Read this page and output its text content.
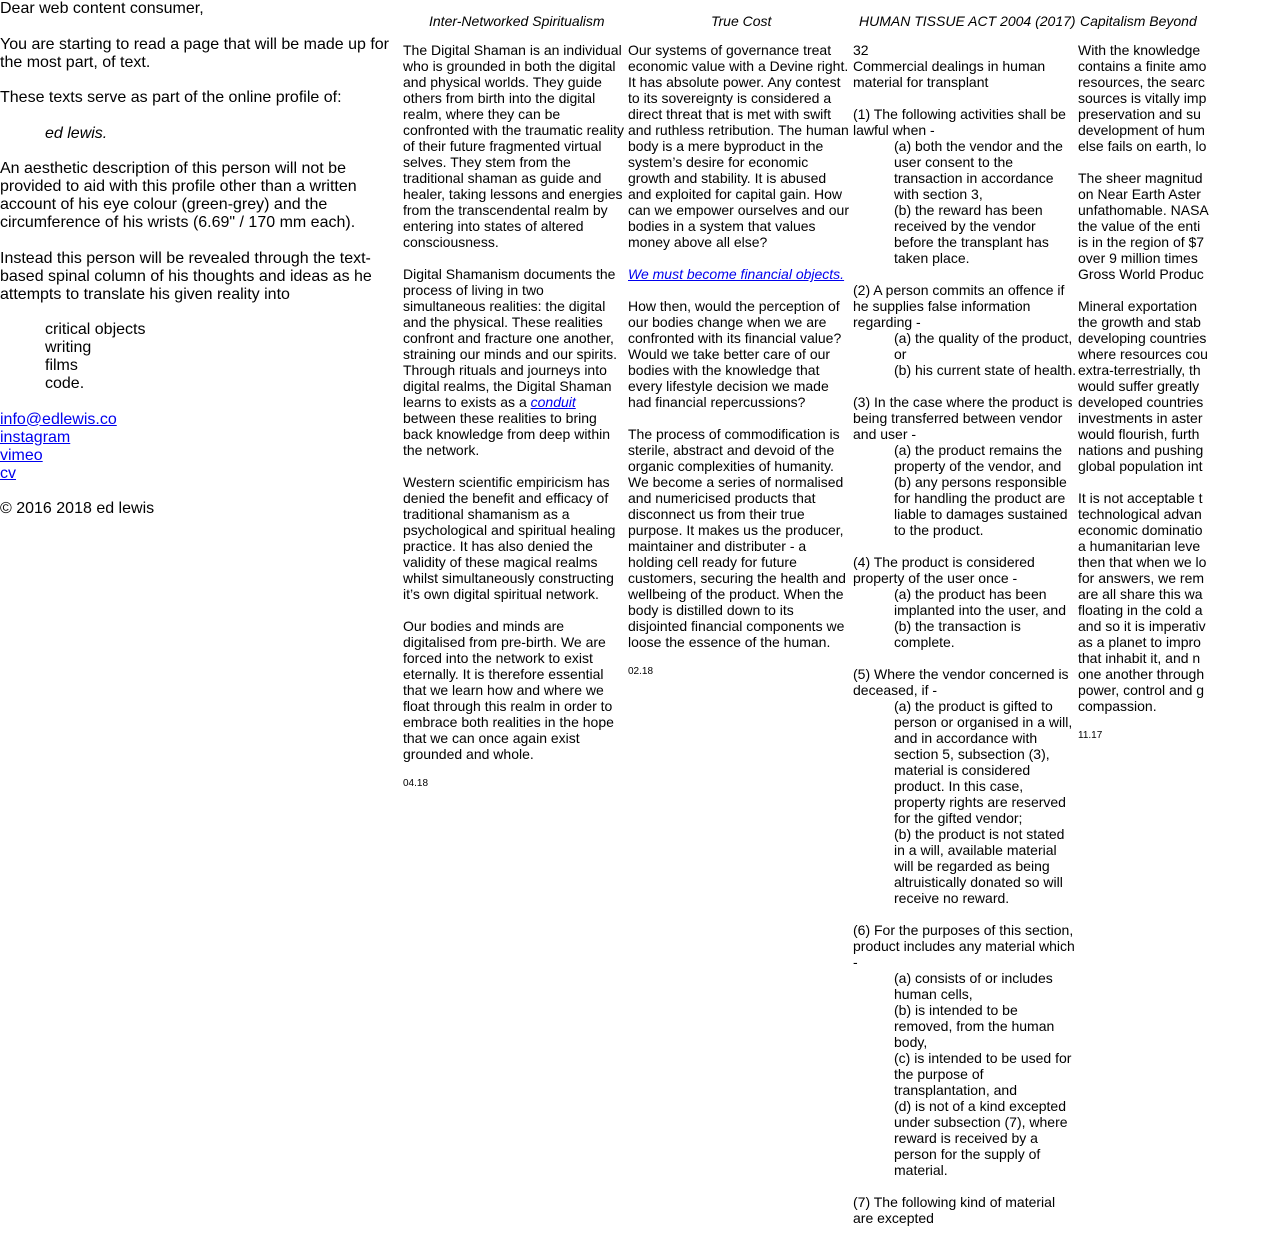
Dear web content consumer,

You are starting to read a page that will be made up for the most part, of text.

These texts serve as part of the online profile of:

ed lewis.

An aesthetic description of this person will not be provided to aid with this profile other than a written account of his eye colour (green-grey) and the circumference of his wrists (6.69" / 170 mm each).

Instead this person will be revealed through the text-based spinal column of his thoughts and ideas as he attempts to translate his given reality into

critical objects
writing
films
code.

info@edlewis.co
instagram
vimeo
cv

© 2016 2018 ed lewis

Inter-Networked Spiritualism

The Digital Shaman is an individual who is grounded in both the digital and physical worlds. They guide others from birth into the digital realm, where they can be confronted with the traumatic reality of their future fragmented virtual selves. They stem from the traditional shaman as guide and healer, taking lessons and energies from the transcendental realm by entering into states of altered consciousness.

Digital Shamanism documents the process of living in two simultaneous realities: the digital and the physical. These realities confront and fracture one another, straining our minds and our spirits. Through rituals and journeys into digital realms, the Digital Shaman learns to exists as a conduit between these realities to bring back knowledge from deep within the network.

Western scientific empiricism has denied the benefit and efficacy of traditional shamanism as a psychological and spiritual healing practice. It has also denied the validity of these magical realms whilst simultaneously constructing it’s own digital spiritual network.

Our bodies and minds are digitalised from pre-birth. We are forced into the network to exist eternally. It is therefore essential that we learn how and where we float through this realm in order to embrace both realities in the hope that we can once again exist grounded and whole.

04.18
True Cost

Our systems of governance treat economic value with a Devine right. It has absolute power. Any contest to its sovereignty is considered a direct threat that is met with swift and ruthless retribution. The human body is a mere byproduct in the system’s desire for economic growth and stability. It is abused and exploited for capital gain. How can we empower ourselves and our bodies in a system that values money above all else?

We must become financial objects.

How then, would the perception of our bodies change when we are confronted with its financial value? Would we take better care of our bodies with the knowledge that every lifestyle decision we made had financial repercussions?

The process of commodification is sterile, abstract and devoid of the organic complexities of humanity. We become a series of normalised and numericised products that disconnect us from their true purpose. It makes us the producer, maintainer and distributer - a holding cell ready for future customers, securing the health and wellbeing of the product. When the body is distilled down to its disjointed financial components we loose the essence of the human.

02.18
HUMAN TISSUE ACT 2004 (2017)
32
Commercial dealings in human material for transplant
(1) The following activities shall be lawful when -
(a) both the vendor and the user consent to the transaction in accordance with section 3,
(b) the reward has been received by the vendor before the transplant has taken place.
(2) A person commits an offence if he supplies false information regarding -
(a) the quality of the product, or
(b) his current state of health.
(3) In the case where the product is being transferred between vendor and user -
(a) the product remains the property of the vendor, and
(b) any persons responsible for handling the product are liable to damages sustained to the product.
(4) The product is considered property of the user once -
(a) the product has been implanted into the user, and
(b) the transaction is complete.
(5) Where the vendor concerned is deceased, if -
(a) the product is gifted to person or organised in a will, and in accordance with section 5, subsection (3), material is considered product. In this case, property rights are reserved for the gifted vendor;
(b) the product is not stated in a will, available material will be regarded as being altruistically donated so will receive no reward.
(6) For the purposes of this section, product includes any material which -
(a) consists of or includes human cells,
(b) is intended to be removed, from the human body,
(c) is intended to be used for the purpose of transplantation, and
(d) is not of a kind excepted under subsection (7), where reward is received by a person for the supply of material.
(7) The following kind of material are excepted
Capitalism Beyond

With the knowledge
contains a finite amo
resources, the searc
sources is vitally imp
preservation and su
development of hum
else fails on earth, lo

The sheer magnitud
on Near Earth Aster
unfathomable. NASA
the value of the enti
is in the region of $7
over 9 million times
Gross World Produc

Mineral exportation
the growth and stab
developing countries
where resources cou
extra-terrestrially, th
would suffer greatly
developed countries
investments in aster
would flourish, furth
nations and pushing
global population int

It is not acceptable t
technological advan
economic dominatio
a humanitarian leve
then that when we lo
for answers, we rem
are all share this wa
floating in the cold a
and so it is imperativ
as a planet to impro
that inhabit it, and n
one another through
power, control and g
compassion.

11.17
